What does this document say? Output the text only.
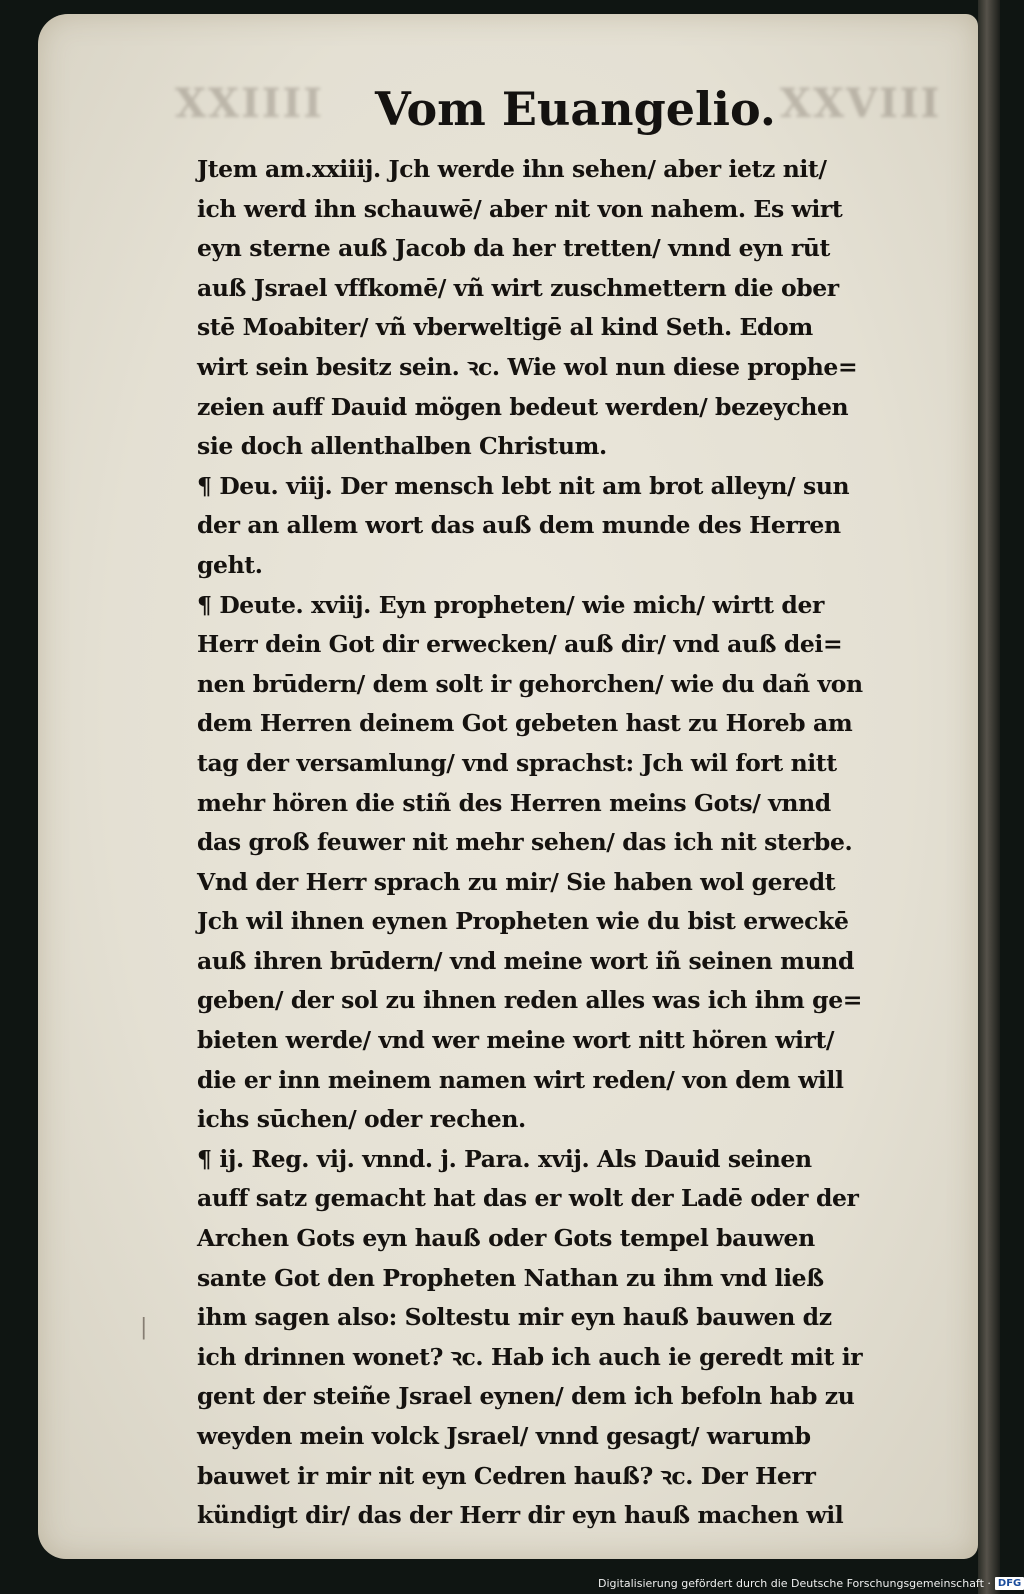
XXIIII	XXVIII
Vom Euangelio.
Jtem am.xxiiij. Jch werde ihn sehen/ aber ietz nit/
ich werd ihn schauwē/ aber nit von nahem. Es wirt
eyn sterne auß Jacob da her tretten/ vnnd eyn rūt
auß Jsrael vffkomē/ vñ wirt zuschmettern die ober
stē Moabiter/ vñ vberweltigē al kind Seth. Edom
wirt sein besitz sein. ꝛc. Wie wol nun diese prophe=
zeien auff Dauid mögen bedeut werden/ bezeychen
sie doch allenthalben Christum.
¶ Deu. viij. Der mensch lebt nit am brot alleyn/ sun
der an allem wort das auß dem munde des Herren
geht.
¶ Deute. xviij. Eyn propheten/ wie mich/ wirtt der
Herr dein Got dir erwecken/ auß dir/ vnd auß dei=
nen brūdern/ dem solt ir gehorchen/ wie du dañ von
dem Herren deinem Got gebeten hast zu Horeb am
tag der versamlung/ vnd sprachst: Jch wil fort nitt
mehr hören die stiñ des Herren meins Gots/ vnnd
das groß feuwer nit mehr sehen/ das ich nit sterbe.
Vnd der Herr sprach zu mir/ Sie haben wol geredt
Jch wil ihnen eynen Propheten wie du bist erweckē
auß ihren brūdern/ vnd meine wort iñ seinen mund
geben/ der sol zu ihnen reden alles was ich ihm ge=
bieten werde/ vnd wer meine wort nitt hören wirt/
die er inn meinem namen wirt reden/ von dem will
ichs sūchen/ oder rechen.
¶ ij. Reg. vij. vnnd. j. Para. xvij. Als Dauid seinen
auff satz gemacht hat das er wolt der Ladē oder der
Archen Gots eyn hauß oder Gots tempel bauwen
sante Got den Propheten Nathan zu ihm vnd ließ
ihm sagen also: Soltestu mir eyn hauß bauwen dz
ich drinnen wonet? ꝛc. Hab ich auch ie geredt mit ir
gent der steiñe Jsrael eynen/ dem ich befoln hab zu
weyden mein volck Jsrael/ vnnd gesagt/ warumb
bauwet ir mir nit eyn Cedren hauß? ꝛc. Der Herr
kündigt dir/ das der Herr dir eyn hauß machen wil
|
Digitalisierung gefördert durch die Deutsche Forschungsgemeinschaft · DFG
